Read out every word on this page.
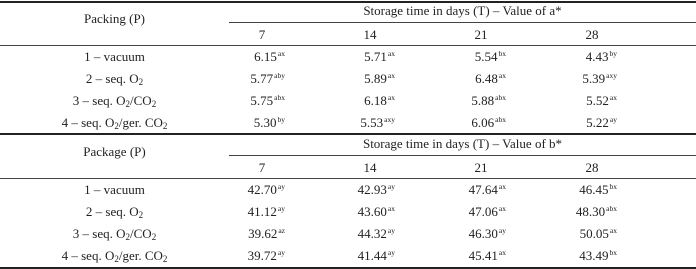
Packing (P)
Storage time in days (T) – Value of a*
7	14	21	28
1 – vacuum	$6.15^{ax}$	$5.71^{ax}$	$5.54^{bx}$	$4.43^{by}$
2 – seq. $O_2$	$5.77^{aby}$	$5.89^{ax}$	$6.48^{ax}$	$5.39^{axy}$
3 – seq. $O_2/CO_2$	$5.75^{abx}$	$6.18^{ax}$	$5.88^{abx}$	$5.52^{ax}$
4 – seq. $O_2$/ger. $CO_2$	$5.30^{by}$	$5.53^{axy}$	$6.06^{abx}$	$5.22^{ay}$
Package (P)
Storage time in days (T) – Value of b*
7	14	21	28
1 – vacuum	$42.70^{ay}$	$42.93^{ay}$	$47.64^{ax}$	$46.45^{bx}$
2 – seq. $O_2$	$41.12^{ay}$	$43.60^{ax}$	$47.06^{ax}$	$48.30^{abx}$
3 – seq. $O_2/CO_2$	$39.62^{az}$	$44.32^{ay}$	$46.30^{ay}$	$50.05^{ax}$
4 – seq. $O_2$/ger. $CO_2$	$39.72^{ay}$	$41.44^{ay}$	$45.41^{ax}$	$43.49^{bx}$
